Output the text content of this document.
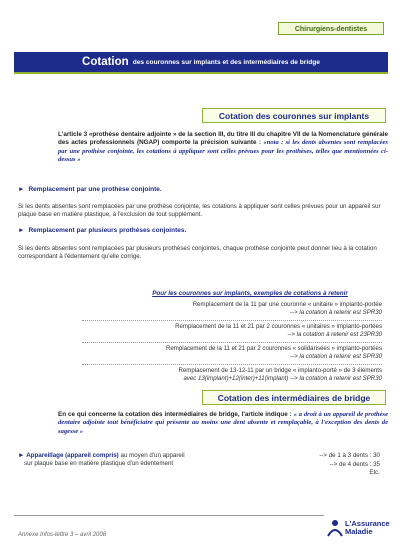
Chirurgiens-dentistes
Cotation des couronnes sur implants et des intermédiaires de bridge
Cotation des couronnes sur implants
L'article 3 «prothèse dentaire adjointe » de la section III, du titre III du chapitre VII de la Nomenclature générale des actes professionnels (NGAP) comporte la précision suivante : «nota : si les dents absentes sont remplacées par une prothèse conjointe, les cotations à appliquer sont celles prévues pour les prothèses, telles que mentionnées ci-dessus »
► Remplacement par une prothèse conjointe.
Si les dents absentes sont remplacées par une prothèse conjointe, les cotations à appliquer sont celles prévues pour un appareil sur plaque base en matière plastique, à l'exclusion de tout supplément.
► Remplacement par plusieurs prothèses conjointes.
Si les dents absentes sont remplacées par plusieurs prothèses conjointes, chaque prothèse conjointe peut donner lieu à la cotation correspondant à l'édentement qu'elle corrige.
Pour les couronnes sur implants, exemples de cotations à retenir
Remplacement de la 11 par une couronne « unitaire » implanto-portée
--> la cotation à retenir est SPR30
Remplacement de la 11 et 21 par 2 couronnes « unitaires » implanto-portées
--> la cotation à retenir est 23PR30
Remplacement de la 11 et 21 par 2 couronnes « solidarisées » implanto-portées
--> la cotation à retenir est SPR30
Remplacement de 13-12-11 par un bridge « implanto-porté » de 3 éléments
avec 13(implant)+12(inter)+11(implant) --> la cotation à retenir est SPR30
Cotation des intermédiaires de bridge
En ce qui concerne la cotation des intermédiaires de bridge, l'article indique : « a droit à un appareil de prothèse dentaire adjointe tout bénéficiaire qui présente au moins une dent absente et remplaçable, à l'exception des dents de sagesse »
► Appareillage (appareil compris) au moyen d'un appareil
sur plaque base en matière plastique d'un édentement
--> de 1 à 3 dents : 30
--> de 4 dents : 35
Etc.
Annexe Infos-lettre 3 – avril 2008
L'Assurance
Maladie
